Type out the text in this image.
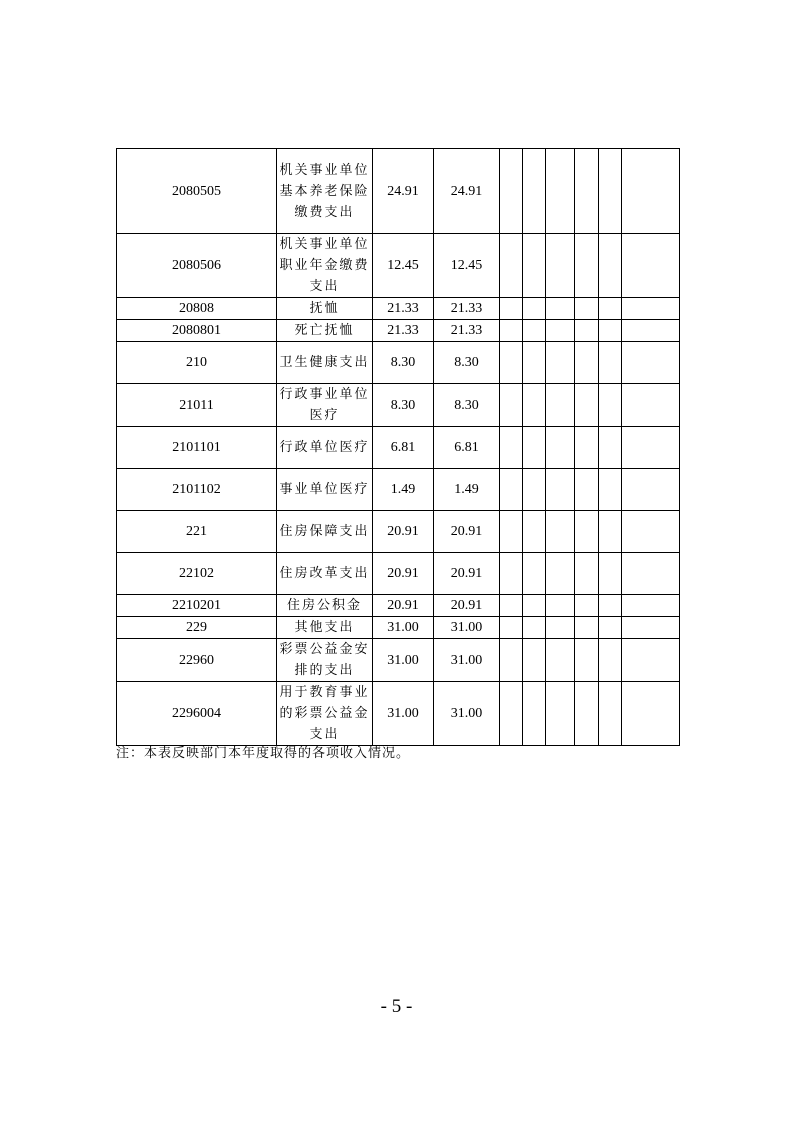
2080505	机关事业单位基本养老保险缴费支出	24.91	24.91						
2080506	机关事业单位职业年金缴费支出	12.45	12.45						
20808	抚恤	21.33	21.33						
2080801	死亡抚恤	21.33	21.33						
210	卫生健康支出	8.30	8.30						
21011	行政事业单位医疗	8.30	8.30						
2101101	行政单位医疗	6.81	6.81						
2101102	事业单位医疗	1.49	1.49						
221	住房保障支出	20.91	20.91						
22102	住房改革支出	20.91	20.91						
2210201	住房公积金	20.91	20.91						
229	其他支出	31.00	31.00						
22960	彩票公益金安排的支出	31.00	31.00						
2296004	用于教育事业的彩票公益金支出	31.00	31.00						

注：本表反映部门本年度取得的各项收入情况。

- 5 -
